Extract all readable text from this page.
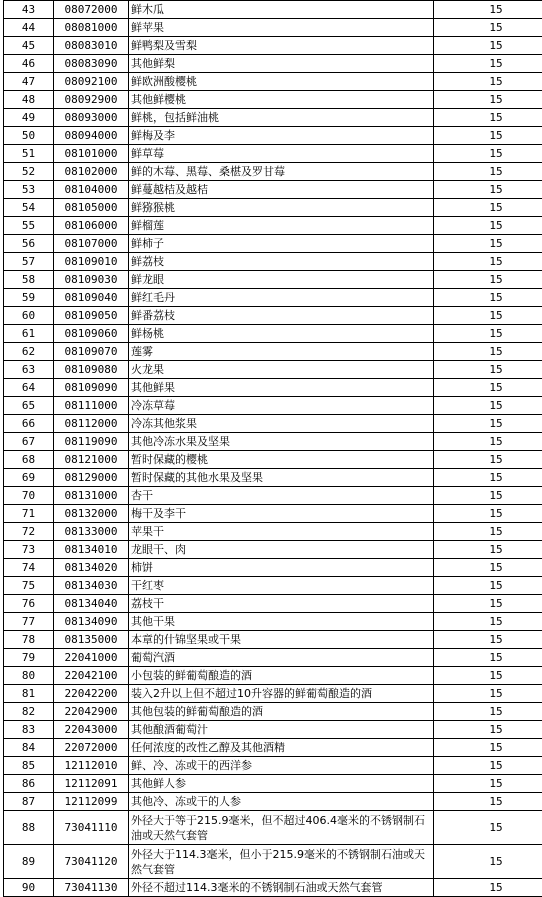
43	08072000	鲜木瓜	15
44	08081000	鲜苹果	15
45	08083010	鲜鸭梨及雪梨	15
46	08083090	其他鲜梨	15
47	08092100	鲜欧洲酸樱桃	15
48	08092900	其他鲜樱桃	15
49	08093000	鲜桃，包括鲜油桃	15
50	08094000	鲜梅及李	15
51	08101000	鲜草莓	15
52	08102000	鲜的木莓、黑莓、桑椹及罗甘莓	15
53	08104000	鲜蔓越桔及越桔	15
54	08105000	鲜猕猴桃	15
55	08106000	鲜榴莲	15
56	08107000	鲜柿子	15
57	08109010	鲜荔枝	15
58	08109030	鲜龙眼	15
59	08109040	鲜红毛丹	15
60	08109050	鲜番荔枝	15
61	08109060	鲜杨桃	15
62	08109070	莲雾	15
63	08109080	火龙果	15
64	08109090	其他鲜果	15
65	08111000	冷冻草莓	15
66	08112000	冷冻其他浆果	15
67	08119090	其他冷冻水果及坚果	15
68	08121000	暂时保藏的樱桃	15
69	08129000	暂时保藏的其他水果及坚果	15
70	08131000	杏干	15
71	08132000	梅干及李干	15
72	08133000	苹果干	15
73	08134010	龙眼干、肉	15
74	08134020	柿饼	15
75	08134030	干红枣	15
76	08134040	荔枝干	15
77	08134090	其他干果	15
78	08135000	本章的什锦坚果或干果	15
79	22041000	葡萄汽酒	15
80	22042100	小包装的鲜葡萄酿造的酒	15
81	22042200	装入2升以上但不超过10升容器的鲜葡萄酿造的酒	15
82	22042900	其他包装的鲜葡萄酿造的酒	15
83	22043000	其他酿酒葡萄汁	15
84	22072000	任何浓度的改性乙醇及其他酒精	15
85	12112010	鲜、冷、冻或干的西洋参	15
86	12112091	其他鲜人参	15
87	12112099	其他冷、冻或干的人参	15
88	73041110	外径大于等于215.9毫米，但不超过406.4毫米的不锈钢制石油或天然气套管	15
89	73041120	外径大于114.3毫米，但小于215.9毫米的不锈钢制石油或天然气套管	15
90	73041130	外径不超过114.3毫米的不锈钢制石油或天然气套管	15
